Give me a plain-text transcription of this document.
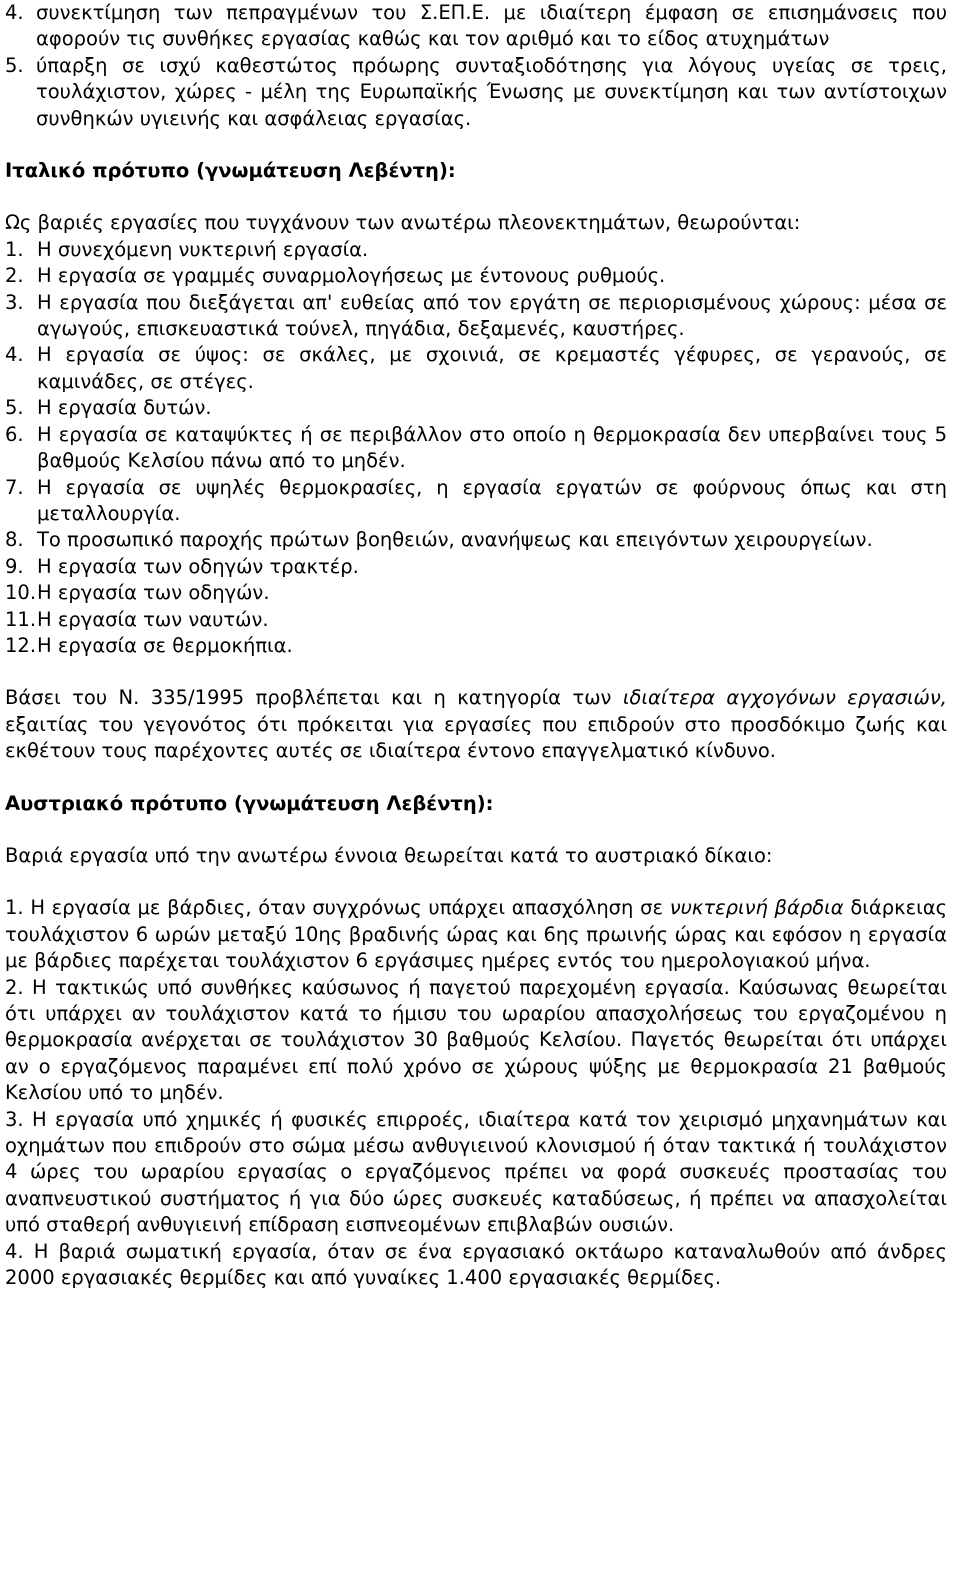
4. συνεκτίμηση των πεπραγμένων του Σ.ΕΠ.Ε. με ιδιαίτερη έμφαση σε επισημάνσεις που αφορούν τις συνθήκες εργασίας καθώς και τον αριθμό και το είδος ατυχημάτων
5. ύπαρξη σε ισχύ καθεστώτος πρόωρης συνταξιοδότησης για λόγους υγείας σε τρεις, τουλάχιστον, χώρες - μέλη της Ευρωπαϊκής Ένωσης με συνεκτίμηση και των αντίστοιχων συνθηκών υγιεινής και ασφάλειας εργασίας.

Ιταλικό πρότυπο (γνωμάτευση Λεβέντη):

Ως βαριές εργασίες που τυγχάνουν των ανωτέρω πλεονεκτημάτων, θεωρούνται:

1. Η συνεχόμενη νυκτερινή εργασία.
2. Η εργασία σε γραμμές συναρμολογήσεως με έντονους ρυθμούς.
3. Η εργασία που διεξάγεται απ' ευθείας από τον εργάτη σε περιορισμένους χώρους: μέσα σε αγωγούς, επισκευαστικά τούνελ, πηγάδια, δεξαμενές, καυστήρες.
4. Η εργασία σε ύψος: σε σκάλες, με σχοινιά, σε κρεμαστές γέφυρες, σε γερανούς, σε καμινάδες, σε στέγες.
5. Η εργασία δυτών.
6. Η εργασία σε καταψύκτες ή σε περιβάλλον στο οποίο η θερμοκρασία δεν υπερβαίνει τους 5 βαθμούς Κελσίου πάνω από το μηδέν.
7. Η εργασία σε υψηλές θερμοκρασίες, η εργασία εργατών σε φούρνους όπως και στη μεταλλουργία.
8. Το προσωπικό παροχής πρώτων βοηθειών, ανανήψεως και επειγόντων χειρουργείων.
9. Η εργασία των οδηγών τρακτέρ.
10. Η εργασία των οδηγών.
11. Η εργασία των ναυτών.
12. Η εργασία σε θερμοκήπια.

Βάσει του Ν. 335/1995 προβλέπεται και η κατηγορία των ιδιαίτερα αγχογόνων εργασιών, εξαιτίας του γεγονότος ότι πρόκειται για εργασίες που επιδρούν στο προσδόκιμο ζωής και εκθέτουν τους παρέχοντες αυτές σε ιδιαίτερα έντονο επαγγελματικό κίνδυνο.

Αυστριακό πρότυπο (γνωμάτευση Λεβέντη):

Βαριά εργασία υπό την ανωτέρω έννοια θεωρείται κατά το αυστριακό δίκαιο:

1. Η εργασία με βάρδιες, όταν συγχρόνως υπάρχει απασχόληση σε νυκτερινή βάρδια διάρκειας τουλάχιστον 6 ωρών μεταξύ 10ης βραδινής ώρας και 6ης πρωινής ώρας και εφόσον η εργασία με βάρδιες παρέχεται τουλάχιστον 6 εργάσιμες ημέρες εντός του ημερολογιακού μήνα.

2. Η τακτικώς υπό συνθήκες καύσωνος ή παγετού παρεχομένη εργασία. Καύσωνας θεωρείται ότι υπάρχει αν τουλάχιστον κατά το ήμισυ του ωραρίου απασχολήσεως του εργαζομένου η θερμοκρασία ανέρχεται σε τουλάχιστον 30 βαθμούς Κελσίου. Παγετός θεωρείται ότι υπάρχει αν ο εργαζόμενος παραμένει επί πολύ χρόνο σε χώρους ψύξης με θερμοκρασία 21 βαθμούς Κελσίου υπό το μηδέν.

3. Η εργασία υπό χημικές ή φυσικές επιρροές, ιδιαίτερα κατά τον χειρισμό μηχανημάτων και οχημάτων που επιδρούν στο σώμα μέσω ανθυγιεινού κλονισμού ή όταν τακτικά ή τουλάχιστον 4 ώρες του ωραρίου εργασίας ο εργαζόμενος πρέπει να φορά συσκευές προστασίας του αναπνευστικού συστήματος ή για δύο ώρες συσκευές καταδύσεως, ή πρέπει να απασχολείται υπό σταθερή ανθυγιεινή επίδραση εισπνεομένων επιβλαβών ουσιών.

4. Η βαριά σωματική εργασία, όταν σε ένα εργασιακό οκτάωρο καταναλωθούν από άνδρες 2000 εργασιακές θερμίδες και από γυναίκες 1.400 εργασιακές θερμίδες.
